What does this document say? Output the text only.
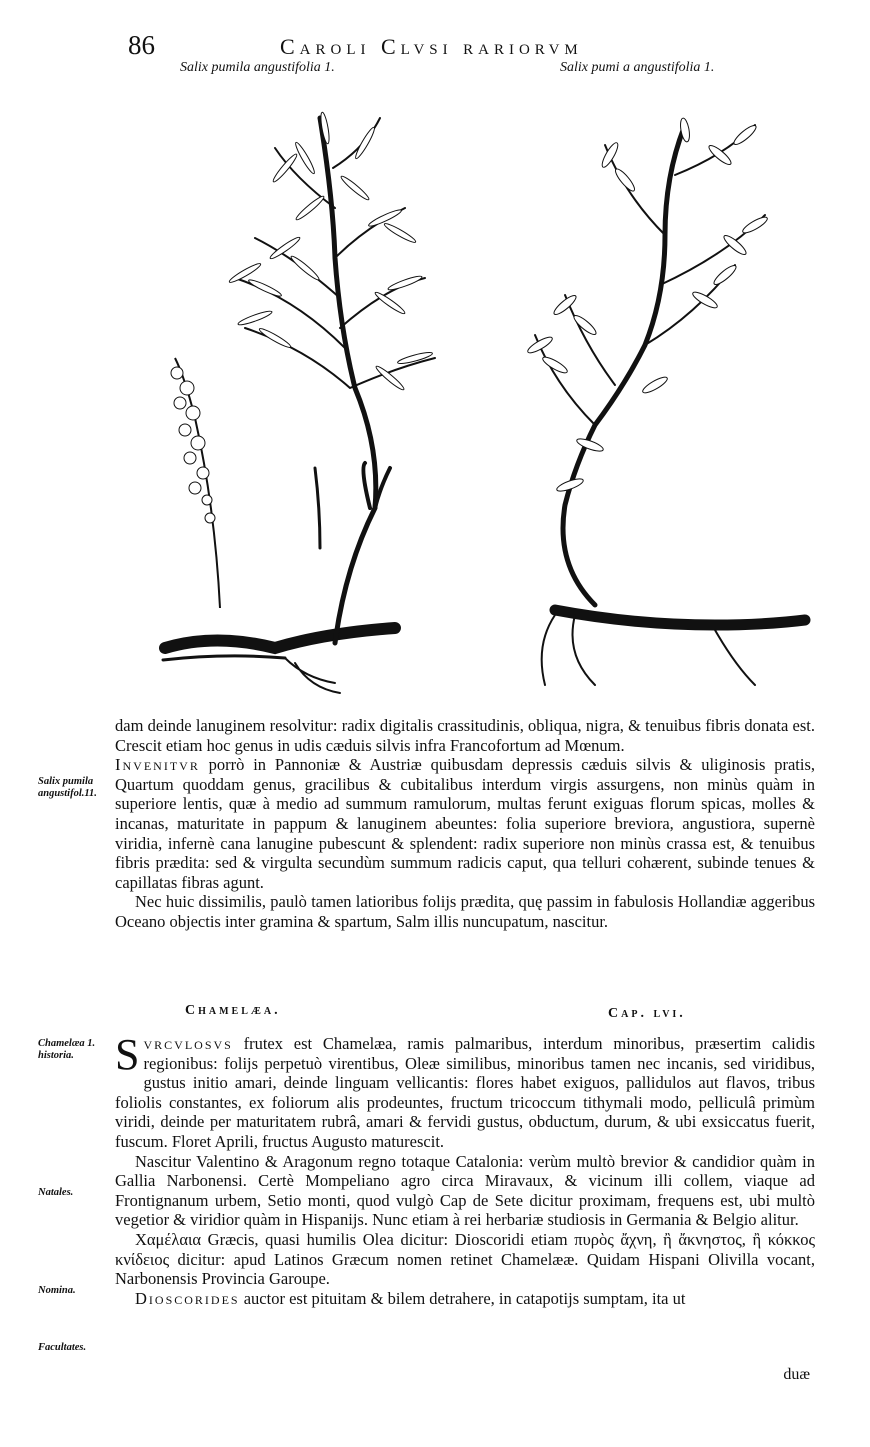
86	Caroli Clvsi rariorvm
Salix pumila angustifolia 1.	Salix pumi a angustifolia 1.

dam deinde lanuginem resolvitur: radix digitalis crassitudinis, obliqua, nigra, & tenuibus fibris donata est. Crescit etiam hoc genus in udis cæduis silvis infra Francofortum ad Mœnum.

Invenitvr porrò in Pannoniæ & Austriæ quibusdam depressis cæduis silvis & uliginosis pratis, Quartum quoddam genus, gracilibus & cubitalibus interdum virgis assurgens, non minùs quàm in superiore lentis, quæ à medio ad summum ramulorum, multas ferunt exiguas florum spicas, molles & incanas, maturitate in pappum & lanuginem abeuntes: folia superiore breviora, angustiora, supernè viridia, infernè cana lanugine pubescunt & splendent: radix superiore non minùs crassa est, & tenuibus fibris prædita: sed & virgulta secundùm summum radicis caput, qua telluri cohærent, subinde tenues & capillatas fibras agunt.

Nec huic dissimilis, paulò tamen latioribus folijs prædita, quę passim in fabulosis Hollandiæ aggeribus Oceano objectis inter gramina & spartum, Salm illis nuncupatum, nascitur.

Salix pumila angustifol.11.
Chamelæa.	Cap. lvi.

Svrcvlosvs frutex est Chamelæa, ramis palmaribus, interdum minoribus, præsertim calidis regionibus: folijs perpetuò virentibus, Oleæ similibus, minoribus tamen nec incanis, sed viridibus, gustus initio amari, deinde linguam vellicantis: flores habet exiguos, pallidulos aut flavos, tribus foliolis constantes, ex foliorum alis prodeuntes, fructum tricoccum tithymali modo, pelliculâ primùm viridi, deinde per maturitatem rubrâ, amari & fervidi gustus, obductum, durum, & ubi exsiccatus fuerit, fuscum. Floret Aprili, fructus Augusto maturescit.

Nascitur Valentino & Aragonum regno totaque Catalonia: verùm multò brevior & candidior quàm in Gallia Narbonensi. Certè Mompeliano agro circa Miravaux, & vicinum illi collem, viaque ad Frontignanum urbem, Setio monti, quod vulgò Cap de Sete dicitur proximam, frequens est, ubi multò vegetior & viridior quàm in Hispanijs. Nunc etiam à rei herbariæ studiosis in Germania & Belgio alitur.

Χαμέλαια Græcis, quasi humilis Olea dicitur: Dioscoridi etiam πυρὸς ἄχνη, ἢ ἄκνηστος, ἢ κόκκος κνίδειος dicitur: apud Latinos Græcum nomen retinet Chamelææ. Quidam Hispani Olivilla vocant, Narbonensis Provincia Garoupe.

Dioscorides auctor est pituitam & bilem detrahere, in catapotijs sumptam, ita ut

Chamelæa 1. historia.
Natales.
Nomina.
Facultates.
duæ
